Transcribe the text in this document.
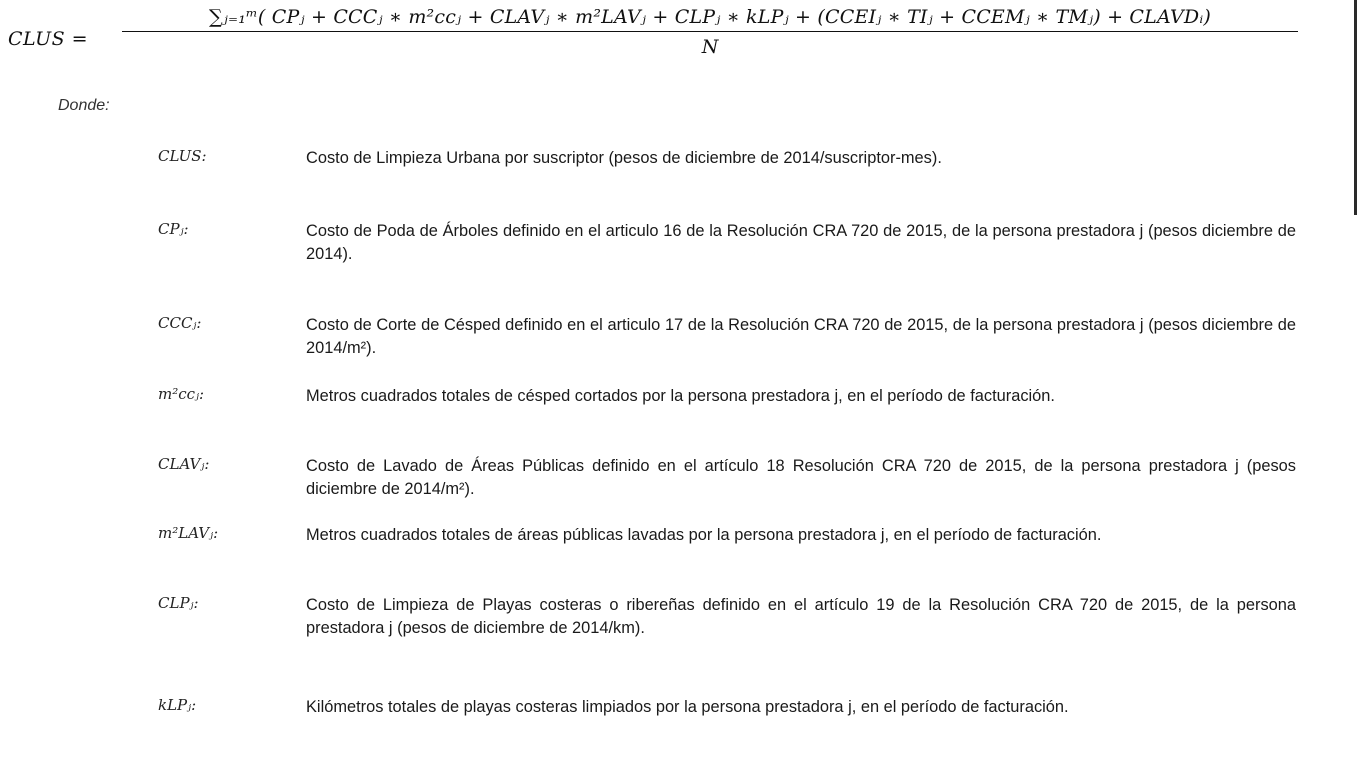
CLUS =
∑ⱼ₌₁ᵐ( CPⱼ + CCCⱼ ∗ m²ccⱼ + CLAVⱼ ∗ m²LAVⱼ + CLPⱼ ∗ kLPⱼ + (CCEIⱼ ∗ TIⱼ + CCEMⱼ ∗ TMⱼ) + CLAVDᵢ)
N
Donde:
CLUS:	Costo de Limpieza Urbana por suscriptor (pesos de diciembre de 2014/suscriptor-mes).
CPⱼ:	Costo de Poda de Árboles definido en el articulo 16 de la Resolución CRA 720 de 2015, de la persona prestadora j (pesos diciembre de 2014).
CCCⱼ:	Costo de Corte de Césped definido en el articulo 17 de la Resolución CRA 720 de 2015, de la persona prestadora j (pesos diciembre de 2014/m²).
m²ccⱼ:	Metros cuadrados totales de césped cortados por la persona prestadora j, en el período de facturación.
CLAVⱼ:	Costo de Lavado de Áreas Públicas definido en el artículo 18 Resolución CRA 720 de 2015, de la persona prestadora j (pesos diciembre de 2014/m²).
m²LAVⱼ:	Metros cuadrados totales de áreas públicas lavadas por la persona prestadora j, en el período de facturación.
CLPⱼ:	Costo de Limpieza de Playas costeras o ribereñas definido en el artículo 19 de la Resolución CRA 720 de 2015, de la persona prestadora j (pesos de diciembre de 2014/km).
kLPⱼ:	Kilómetros totales de playas costeras limpiados por la persona prestadora j, en el período de facturación.
